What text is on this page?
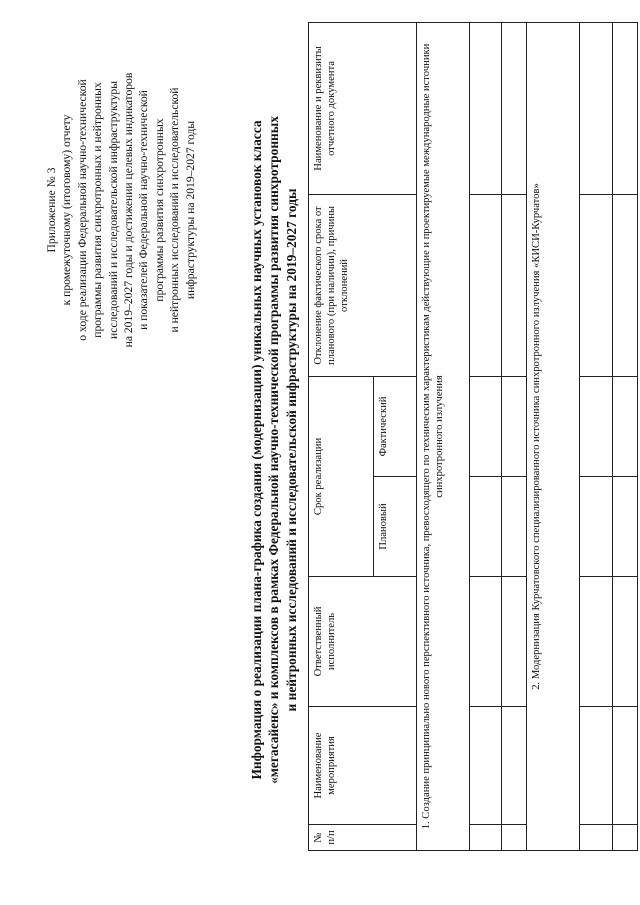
Приложение № 3 к промежуточному (итоговому) отчету о ходе реализации Федеральной научно-технической программы развития синхротронных и нейтронных исследований и исследовательской инфраструктуры на 2019–2027 годы и достижении целевых индикаторов и показателей Федеральной научно-технической программы развития синхротронных и нейтронных исследований и исследовательской инфраструктуры на 2019–2027 годы	Информация о реализации плана-графика создания (модернизации) уникальных научных установок класса «мегасайенс» и комплексов в рамках Федеральной научно-технической программы развития синхротронных и нейтронных исследований и исследовательской инфраструктуры на 2019–2027 годы
№ п/п	Наименование мероприятия	Ответственный исполнитель	Срок реализации		Отклонение фактического срока от планового (при наличии), причины отклонений	Наименование и реквизиты отчетного документа
			Плановый	Фактический		
1. Создание принципиально нового перспективного источника, превосходящего по техническим характеристикам действующие и проектируемые международные источники синхротронного излучения						

2. Модернизация Курчатовского специализированного источника синхротронного излучения «КИСИ-Курчатов»						
